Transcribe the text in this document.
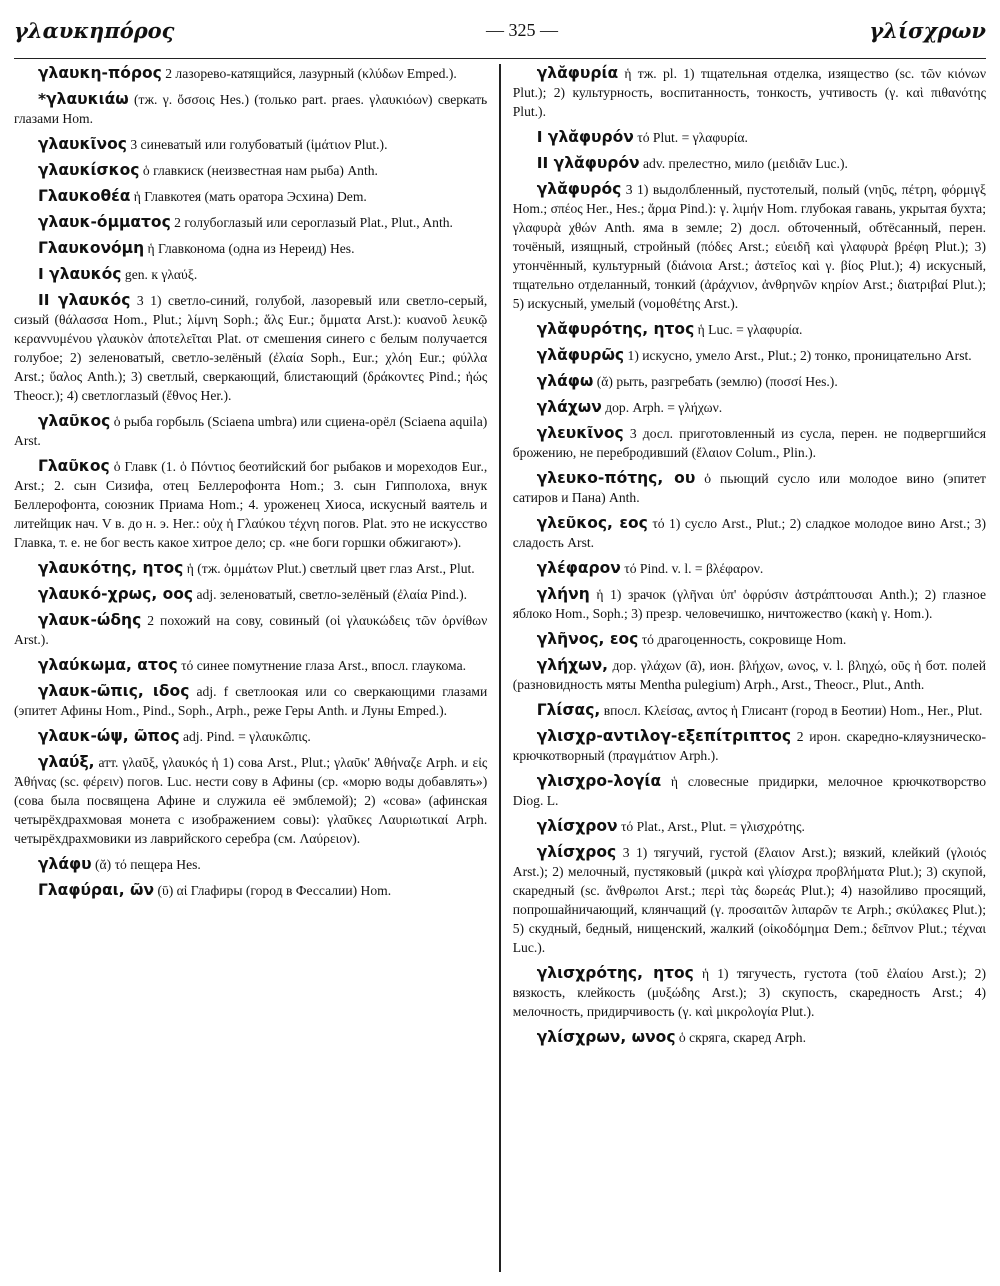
γλαυκηπόρος	— 325 —	γλίσχρων

γλαυκη-πόρος 2 лазорево-катящийся, лазурный (κλύδων Emped.).

*γλαυκιάω (тж. γ. ὄσσοις Hes.) (только part. praes. γλαυκιόων) сверкать глазами Hom.

γλαυκῖνος 3 синеватый или голубоватый (ἱμάτιον Plut.).

γλαυκίσκος ὁ главкиск (неизвестная нам рыба) Anth.

Γλαυκοθέα ἡ Главкотея (мать оратора Эсхина) Dem.

γλαυκ-όμματος 2 голубоглазый или сероглазый Plat., Plut., Anth.

Γλαυκονόμη ἡ Главконома (одна из Нереид) Hes.

I γλαυκός gen. к γλαύξ.

II γλαυκός 3 1) светло-синий, голубой, лазоревый или светло-серый, сизый (θάλασσα Hom., Plut.; λίμνη Soph.; ἅλς Eur.; ὄμματα Arst.): κυανοῦ λευκῷ κεραννυμένου γλαυκὸν ἀποτελεῖται Plat. от смешения синего с белым получается голубое; 2) зеленоватый, светло-зелёный (ἐλαία Soph., Eur.; χλόη Eur.; φύλλα Arst.; ὕαλος Anth.); 3) светлый, сверкающий, блистающий (δράκοντες Pind.; ἠώς Theocr.); 4) светлоглазый (ἔθνος Her.).

γλαῦκος ὁ рыба горбыль (Sciaena umbra) или сциена-орёл (Sciaena aquila) Arst.

Γλαῦκος ὁ Главк (1. ὁ Πόντιος беотийский бог рыбаков и мореходов Eur., Arst.; 2. сын Сизифа, отец Беллерофонта Hom.; 3. сын Гипполоха, внук Беллерофонта, союзник Приама Hom.; 4. уроженец Хиоса, искусный ваятель и литейщик нач. V в. до н. э. Her.: οὐχ ἡ Γλαύκου τέχνη погов. Plat. это не искусство Главка, т. е. не бог весть какое хитрое дело; ср. «не боги горшки обжигают»).

γλαυκότης, ητος ἡ (тж. ὀμμάτων Plut.) светлый цвет глаз Arst., Plut.

γλαυκό-χρως, οος adj. зеленоватый, светло-зелёный (ἐλαία Pind.).

γλαυκ-ώδης 2 похожий на сову, совиный (οἱ γλαυκώδεις τῶν ὀρνίθων Arst.).

γλαύκωμα, ατος τό синее помутнение глаза Arst., впосл. глаукома.

γλαυκ-ῶπις, ιδος adj. f светлоокая или со сверкающими глазами (эпитет Афины Hom., Pind., Soph., Arph., реже Геры Anth. и Луны Emped.).

γλαυκ-ώψ, ῶπος adj. Pind. = γλαυκῶπις.

γλαύξ, атт. γλαῦξ, γλαυκός ἡ 1) сова Arst., Plut.; γλαῦκ' Ἀθήναζε Arph. и εἰς Ἀθήνας (sc. φέρειν) погов. Luc. нести сову в Афины (ср. «морю воды добавлять») (сова была посвящена Афине и служила её эмблемой); 2) «сова» (афинская четырёхдрахмовая монета с изображением совы): γλαῦκες Λαυριωτικαί Arph. четырёхдрахмовики из лаврийского серебра (см. Λαύρειον).

γλάφυ (ᾰ) τό пещера Hes.

Γλαφύραι, ῶν (ῡ) αἱ Глафиры (город в Фессалии) Hom.

γλᾰφυρία ἡ тж. pl. 1) тщательная отделка, изящество (sc. τῶν κιόνων Plut.); 2) культурность, воспитанность, тонкость, учтивость (γ. καὶ πιθανότης Plut.).

I γλᾰφυρόν τό Plut. = γλαφυρία.

II γλᾰφυρόν adv. прелестно, мило (μειδιᾶν Luc.).

γλᾰφυρός 3 1) выдолбленный, пустотелый, полый (νηῦς, πέτρη, φόρμιγξ Hom.; σπέος Her., Hes.; ἅρμα Pind.): γ. λιμήν Hom. глубокая гавань, укрытая бухта; γλαφυρὰ χθών Anth. яма в земле; 2) досл. обточенный, обтёсанный, перен. точёный, изящный, стройный (πόδες Arst.; εὐειδῆ καὶ γλαφυρὰ βρέφη Plut.); 3) утончённый, культурный (διάνοια Arst.; ἀστεῖος καὶ γ. βίος Plut.); 4) искусный, тщательно отделанный, тонкий (ἀράχνιον, ἀνθρηνῶν κηρίον Arst.; διατριβαί Plut.); 5) искусный, умелый (νομοθέτης Arst.).

γλᾰφυρότης, ητος ἡ Luc. = γλαφυρία.

γλᾰφυρῶς 1) искусно, умело Arst., Plut.; 2) тонко, проницательно Arst.

γλάφω (ᾰ) рыть, разгребать (землю) (ποσσί Hes.).

γλάχων дор. Arph. = γλήχων.

γλευκῖνος 3 досл. приготовленный из сусла, перен. не подвергшийся брожению, не перебродивший (ἔλαιον Colum., Plin.).

γλευκο-πότης, ου ὁ пьющий сусло или молодое вино (эпитет сатиров и Пана) Anth.

γλεῦκος, εος τό 1) сусло Arst., Plut.; 2) сладкое молодое вино Arst.; 3) сладость Arst.

γλέφαρον τό Pind. v. l. = βλέφαρον.

γλήνη ἡ 1) зрачок (γλῆναι ὑπ' ὀφρύσιν ἀστράπτουσαι Anth.); 2) глазное яблоко Hom., Soph.; 3) презр. человечишко, ничтожество (κακὴ γ. Hom.).

γλῆνος, εος τό драгоценность, сокровище Hom.

γλήχων, дор. γλάχων (ᾱ), ион. βλήχων, ωνος, v. l. βληχώ, οῦς ἡ бот. полей (разновидность мяты Mentha pulegium) Arph., Arst., Theocr., Plut., Anth.

Γλίσας, впосл. Κλείσας, αντος ἡ Глисант (город в Беотии) Hom., Her., Plut.

γλισχρ-αντιλογ-εξεπίτριπτος 2 ирон. скаредно-кляузническо-крючкотворный (πραγμάτιον Arph.).

γλισχρο-λογία ἡ словесные придирки, мелочное крючкотворство Diog. L.

γλίσχρον τό Plat., Arst., Plut. = γλισχρότης.

γλίσχρος 3 1) тягучий, густой (ἔλαιον Arst.); вязкий, клейкий (γλοιός Arst.); 2) мелочный, пустяковый (μικρὰ καὶ γλίσχρα προβλήματα Plut.); 3) скупой, скаредный (sc. ἄνθρωποι Arst.; περὶ τὰς δωρεάς Plut.); 4) назойливо просящий, попрошайничающий, клянчащий (γ. προσαιτῶν λιπαρῶν τε Arph.; σκύλακες Plut.); 5) скудный, бедный, нищенский, жалкий (οἰκοδόμημα Dem.; δεῖπνον Plut.; τέχναι Luc.).

γλισχρότης, ητος ἡ 1) тягучесть, густота (τοῦ ἐλαίου Arst.); 2) вязкость, клейкость (μυξώδης Arst.); 3) скупость, скаредность Arst.; 4) мелочность, придирчивость (γ. καὶ μικρολογία Plut.).

γλίσχρων, ωνος ὁ скряга, скаред Arph.
